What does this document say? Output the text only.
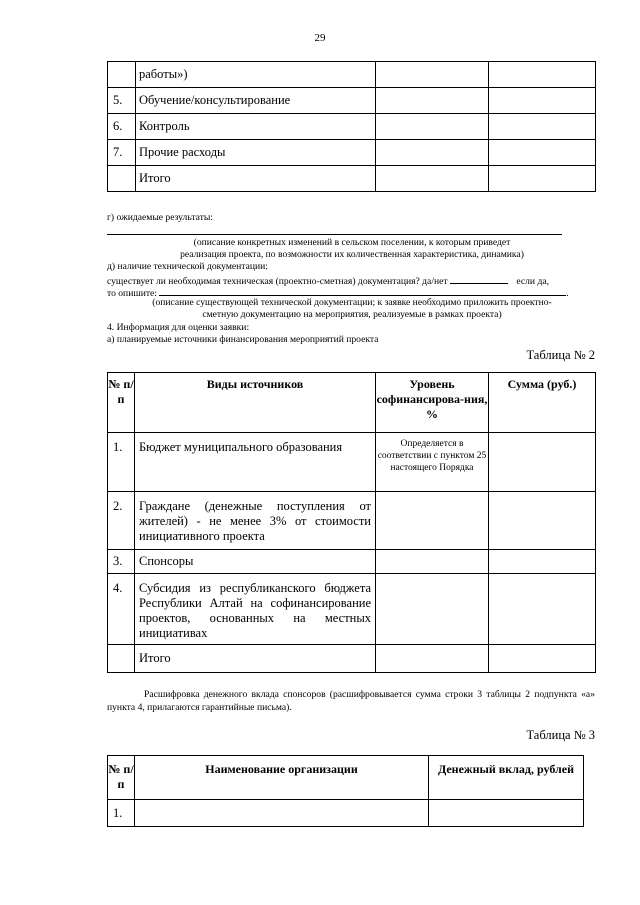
29
	работы»)		
5.	Обучение/консультирование		
6.	Контроль		
7.	Прочие расходы		
	Итого		
г) ожидаемые результаты:
(описание конкретных изменений в сельском поселении, к которым приведет
реализация проекта, по возможности их количественная характеристика, динамика)
д) наличие технической документации:
существует ли необходимая техническая (проектно-сметная) документация? да/нет	если да,
то опишите:	.
(описание существующей технической документации; к заявке необходимо приложить проектно-
сметную документацию на мероприятия, реализуемые в рамках проекта)
4. Информация для оценки заявки:
а) планируемые источники финансирования мероприятий проекта
Таблица № 2
№ п/п	Виды источников	Уровень софинансирова-ния, %	Сумма (руб.)
1.	Бюджет муниципального образования	Определяется в соответствии с пунктом 25 настоящего Порядка	
2.	Граждане (денежные поступления от жителей) - не менее 3% от стоимости инициативного проекта		
3.	Спонсоры		
4.	Субсидия из республиканского бюджета Республики Алтай на софинансирование проектов, основанных на местных инициативах		
	Итого		
Расшифровка денежного вклада спонсоров (расшифровывается сумма строки 3 таблицы 2 подпункта «а» пункта 4, прилагаются гарантийные письма).
Таблица № 3
№ п/п	Наименование организации	Денежный вклад, рублей
1.		
